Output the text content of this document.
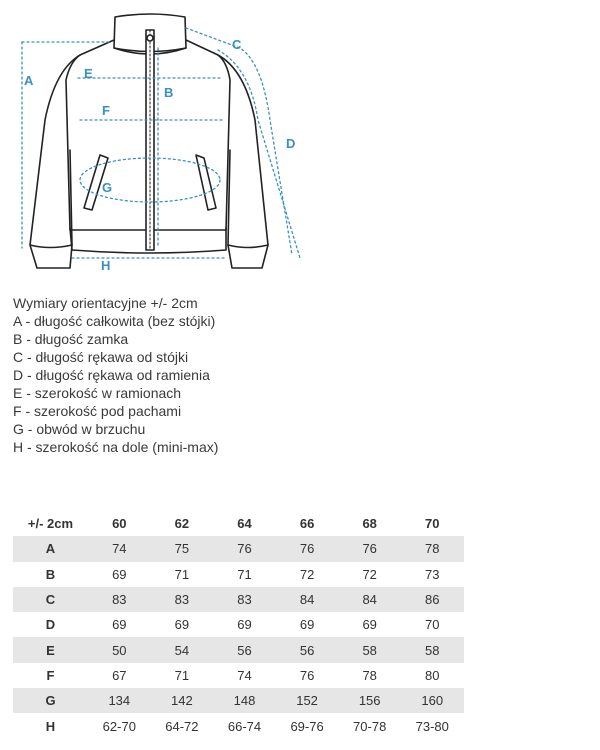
A
B
C
D
E
F
G
H
Wymiary orientacyjne +/- 2cm
A - długość całkowita (bez stójki)
B - długość zamka
C - długość rękawa od stójki
D - długość rękawa od ramienia
E - szerokość w ramionach
F - szerokość pod pachami
G - obwód w brzuchu
H - szerokość na dole (mini-max)
+/- 2cm	60	62	64	66	68	70
A	74	75	76	76	76	78
B	69	71	71	72	72	73
C	83	83	83	84	84	86
D	69	69	69	69	69	70
E	50	54	56	56	58	58
F	67	71	74	76	78	80
G	134	142	148	152	156	160
H	62-70	64-72	66-74	69-76	70-78	73-80
